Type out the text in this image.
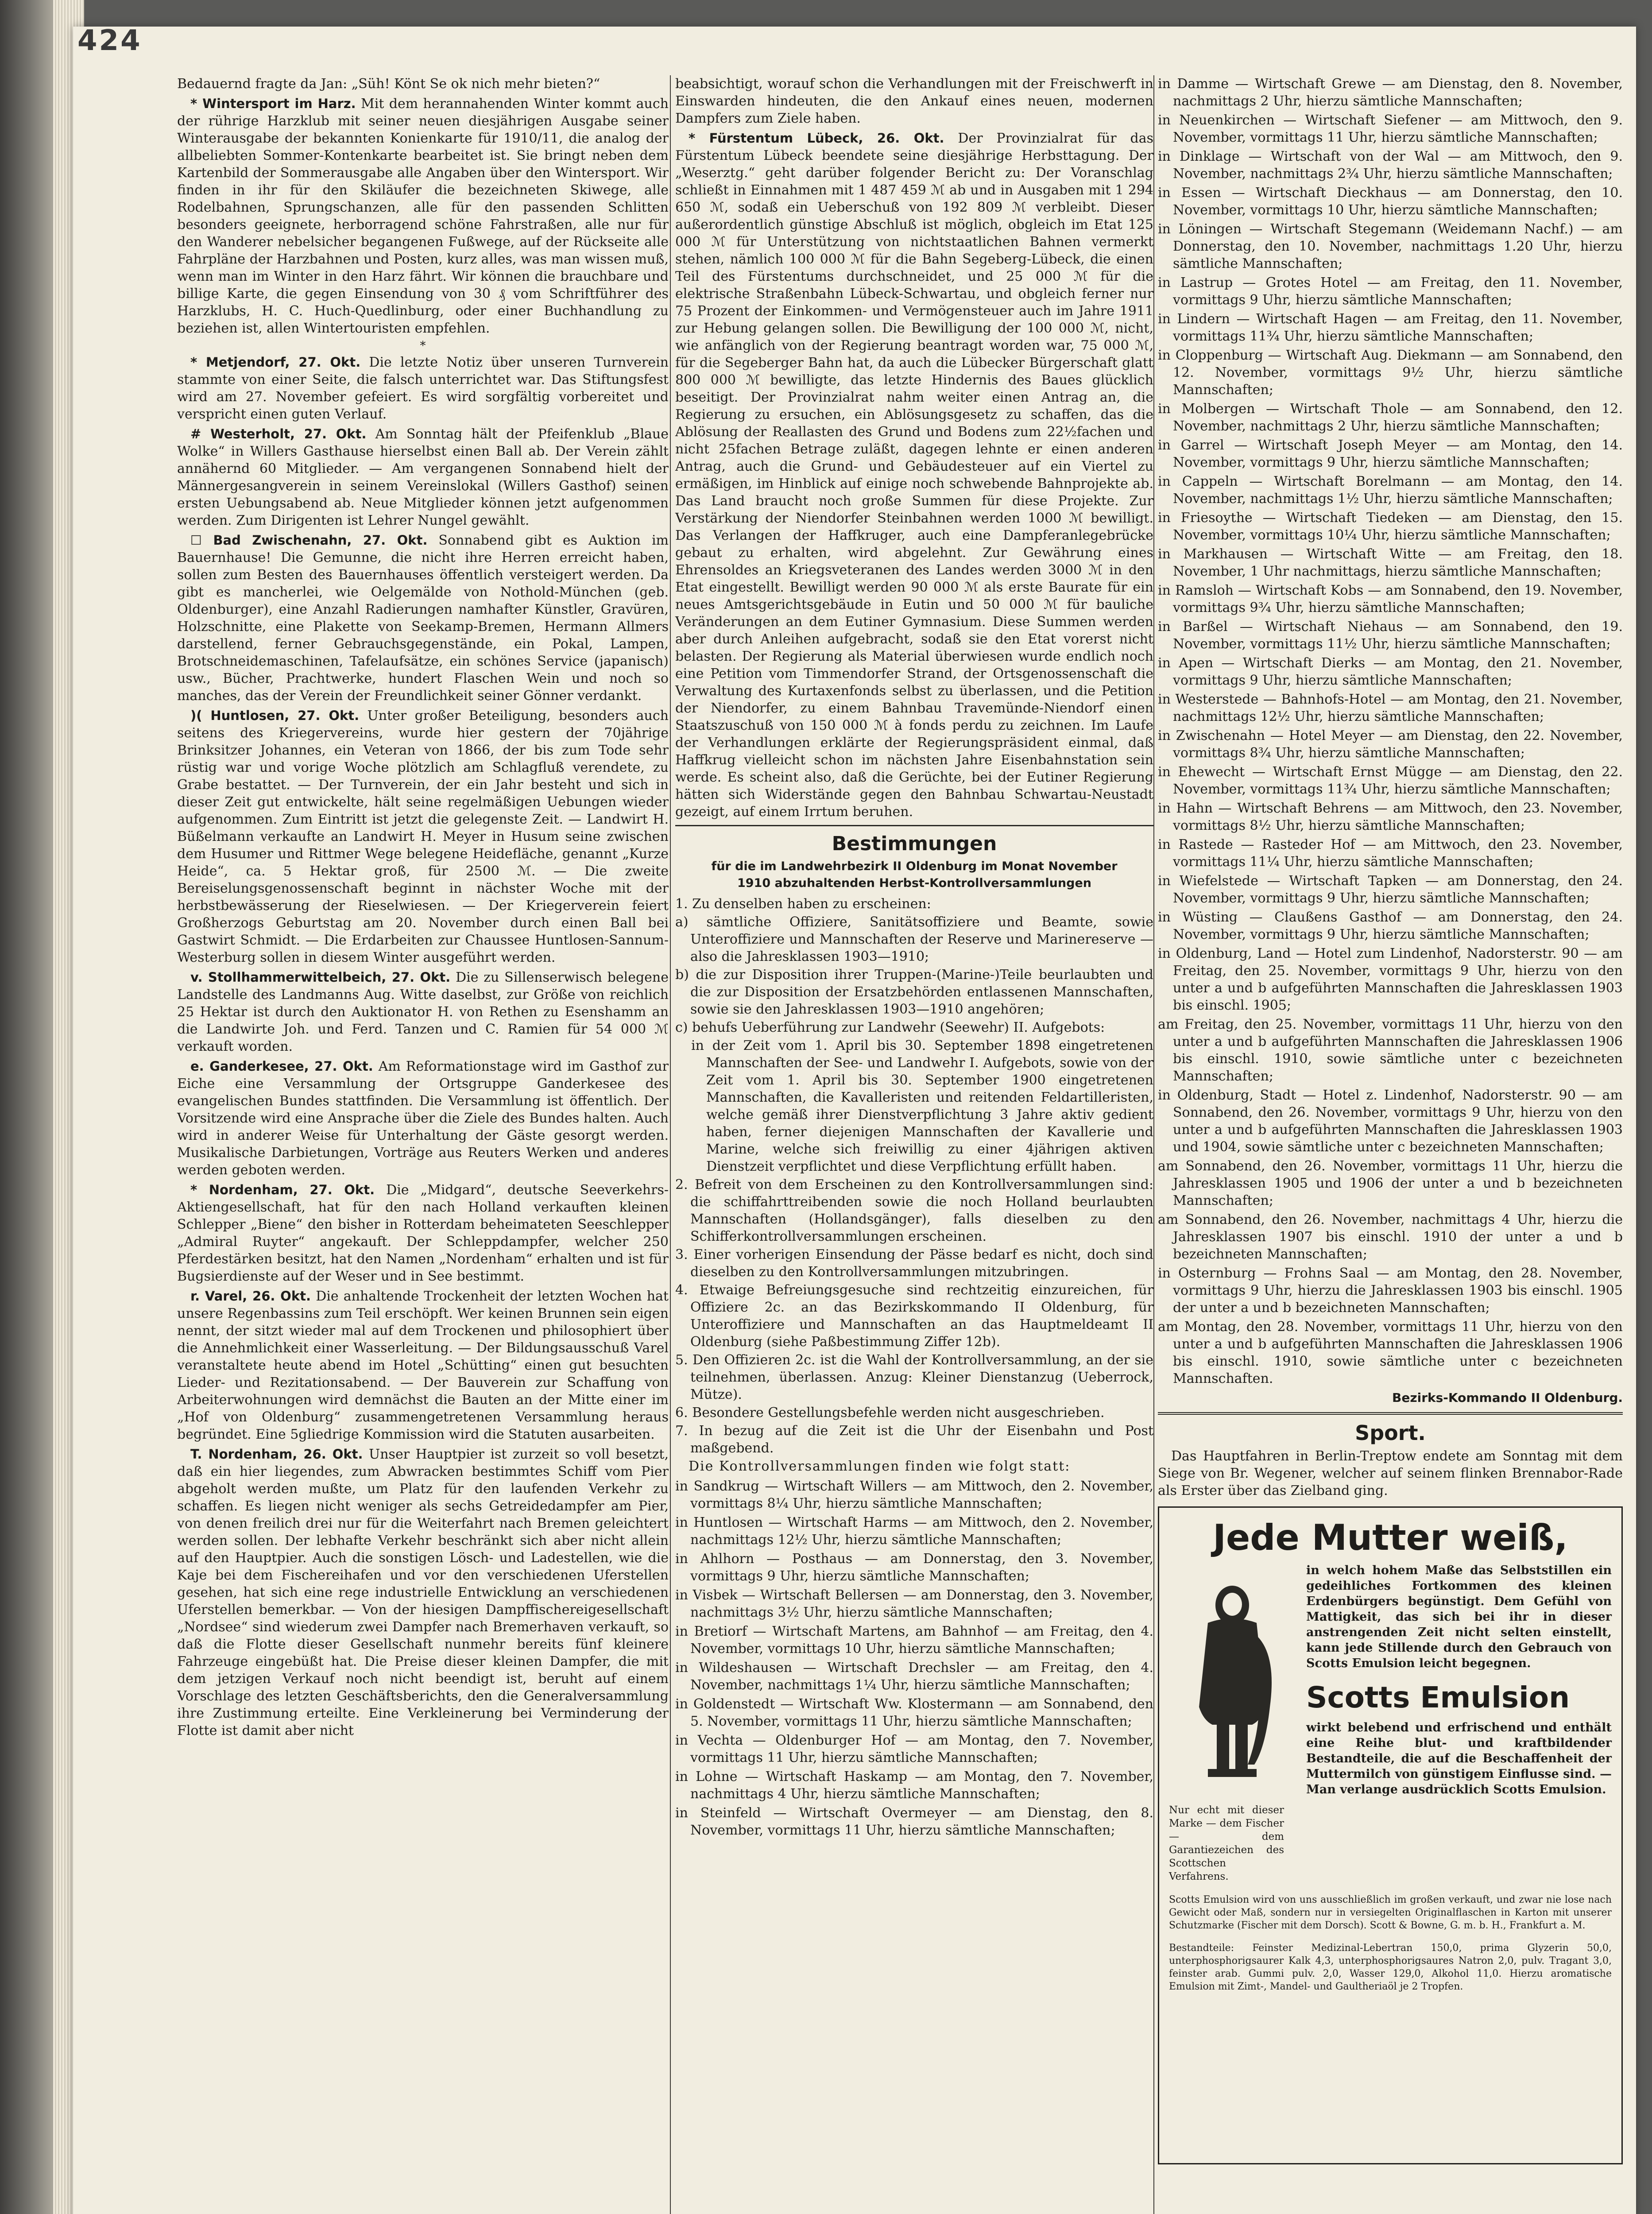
424

Bedauernd fragte da Jan: „Süh! Könt Se ok nich mehr bieten?“

* Wintersport im Harz. Mit dem herannahenden Winter kommt auch der rührige Harzklub mit seiner neuen diesjährigen Ausgabe seiner Winterausgabe der bekannten Konienkarte für 1910/11, die analog der allbeliebten Sommer-Kontenkarte bearbeitet ist. Sie bringt neben dem Kartenbild der Sommerausgabe alle Angaben über den Wintersport. Wir finden in ihr für den Skiläufer die bezeichneten Skiwege, alle Rodelbahnen, Sprungschanzen, alle für den passenden Schlitten besonders geeignete, herborragend schöne Fahrstraßen, alle nur für den Wanderer nebelsicher begangenen Fußwege, auf der Rückseite alle Fahrpläne der Harzbahnen und Posten, kurz alles, was man wissen muß, wenn man im Winter in den Harz fährt. Wir können die brauchbare und billige Karte, die gegen Einsendung von 30 ₰ vom Schriftführer des Harzklubs, H. C. Huch-Quedlinburg, oder einer Buchhandlung zu beziehen ist, allen Wintertouristen empfehlen.

*

* Metjendorf, 27. Okt. Die letzte Notiz über unseren Turnverein stammte von einer Seite, die falsch unterrichtet war. Das Stiftungsfest wird am 27. November gefeiert. Es wird sorgfältig vorbereitet und verspricht einen guten Verlauf.

# Westerholt, 27. Okt. Am Sonntag hält der Pfeifenklub „Blaue Wolke“ in Willers Gasthause hierselbst einen Ball ab. Der Verein zählt annähernd 60 Mitglieder. — Am vergangenen Sonnabend hielt der Männergesangverein in seinem Vereinslokal (Willers Gasthof) seinen ersten Uebungsabend ab. Neue Mitglieder können jetzt aufgenommen werden. Zum Dirigenten ist Lehrer Nungel gewählt.

☐ Bad Zwischenahn, 27. Okt. Sonnabend gibt es Auktion im Bauernhause! Die Gemunne, die nicht ihre Herren erreicht haben, sollen zum Besten des Bauernhauses öffentlich versteigert werden. Da gibt es mancherlei, wie Oelgemälde von Nothold-München (geb. Oldenburger), eine Anzahl Radierungen namhafter Künstler, Gravüren, Holzschnitte, eine Plakette von Seekamp-Bremen, Hermann Allmers darstellend, ferner Gebrauchsgegenstände, ein Pokal, Lampen, Brotschneidemaschinen, Tafelaufsätze, ein schönes Service (japanisch) usw., Bücher, Prachtwerke, hundert Flaschen Wein und noch so manches, das der Verein der Freundlichkeit seiner Gönner verdankt.

)( Huntlosen, 27. Okt. Unter großer Beteiligung, besonders auch seitens des Kriegervereins, wurde hier gestern der 70jährige Brinksitzer Johannes, ein Veteran von 1866, der bis zum Tode sehr rüstig war und vorige Woche plötzlich am Schlagfluß verendete, zu Grabe bestattet. — Der Turnverein, der ein Jahr besteht und sich in dieser Zeit gut entwickelte, hält seine regelmäßigen Uebungen wieder aufgenommen. Zum Eintritt ist jetzt die gelegenste Zeit. — Landwirt H. Büßelmann verkaufte an Landwirt H. Meyer in Husum seine zwischen dem Husumer und Rittmer Wege belegene Heidefläche, genannt „Kurze Heide“, ca. 5 Hektar groß, für 2500 ℳ. — Die zweite Bereiselungsgenossenschaft beginnt in nächster Woche mit der herbstbewässerung der Rieselwiesen. — Der Kriegerverein feiert Großherzogs Geburtstag am 20. November durch einen Ball bei Gastwirt Schmidt. — Die Erdarbeiten zur Chaussee Huntlosen-Sannum-Westerburg sollen in diesem Winter ausgeführt werden.

v. Stollhammerwittelbeich, 27. Okt. Die zu Sillenserwisch belegene Landstelle des Landmanns Aug. Witte daselbst, zur Größe von reichlich 25 Hektar ist durch den Auktionator H. von Rethen zu Esenshamm an die Landwirte Joh. und Ferd. Tanzen und C. Ramien für 54 000 ℳ verkauft worden.

e. Ganderkesee, 27. Okt. Am Reformationstage wird im Gasthof zur Eiche eine Versammlung der Ortsgruppe Ganderkesee des evangelischen Bundes stattfinden. Die Versammlung ist öffentlich. Der Vorsitzende wird eine Ansprache über die Ziele des Bundes halten. Auch wird in anderer Weise für Unterhaltung der Gäste gesorgt werden. Musikalische Darbietungen, Vorträge aus Reuters Werken und anderes werden geboten werden.

* Nordenham, 27. Okt. Die „Midgard“, deutsche Seeverkehrs-Aktiengesellschaft, hat für den nach Holland verkauften kleinen Schlepper „Biene“ den bisher in Rotterdam beheimateten Seeschlepper „Admiral Ruyter“ angekauft. Der Schleppdampfer, welcher 250 Pferdestärken besitzt, hat den Namen „Nordenham“ erhalten und ist für Bugsierdienste auf der Weser und in See bestimmt.

r. Varel, 26. Okt. Die anhaltende Trockenheit der letzten Wochen hat unsere Regenbassins zum Teil erschöpft. Wer keinen Brunnen sein eigen nennt, der sitzt wieder mal auf dem Trockenen und philosophiert über die Annehmlichkeit einer Wasserleitung. — Der Bildungsausschuß Varel veranstaltete heute abend im Hotel „Schütting“ einen gut besuchten Lieder- und Rezitationsabend. — Der Bauverein zur Schaffung von Arbeiterwohnungen wird demnächst die Bauten an der Mitte einer im „Hof von Oldenburg“ zusammengetretenen Versammlung heraus begründet. Eine 5gliedrige Kommission wird die Statuten ausarbeiten.

T. Nordenham, 26. Okt. Unser Hauptpier ist zurzeit so voll besetzt, daß ein hier liegendes, zum Abwracken bestimmtes Schiff vom Pier abgeholt werden mußte, um Platz für den laufenden Verkehr zu schaffen. Es liegen nicht weniger als sechs Getreidedampfer am Pier, von denen freilich drei nur für die Weiterfahrt nach Bremen geleichtert werden sollen. Der lebhafte Verkehr beschränkt sich aber nicht allein auf den Hauptpier. Auch die sonstigen Lösch- und Ladestellen, wie die Kaje bei dem Fischereihafen und vor den verschiedenen Uferstellen gesehen, hat sich eine rege industrielle Entwicklung an verschiedenen Uferstellen bemerkbar. — Von der hiesigen Dampffischereigesellschaft „Nordsee“ sind wiederum zwei Dampfer nach Bremerhaven verkauft, so daß die Flotte dieser Gesellschaft nunmehr bereits fünf kleinere Fahrzeuge eingebüßt hat. Die Preise dieser kleinen Dampfer, die mit dem jetzigen Verkauf noch nicht beendigt ist, beruht auf einem Vorschlage des letzten Geschäftsberichts, den die Generalversammlung ihre Zustimmung erteilte. Eine Verkleinerung bei Verminderung der Flotte ist damit aber nicht

beabsichtigt, worauf schon die Verhandlungen mit der Freischwerft in Einswarden hindeuten, die den Ankauf eines neuen, modernen Dampfers zum Ziele haben.

* Fürstentum Lübeck, 26. Okt. Der Provinzialrat für das Fürstentum Lübeck beendete seine diesjährige Herbsttagung. Der „Weserztg.“ geht darüber folgender Bericht zu: Der Voranschlag schließt in Einnahmen mit 1 487 459 ℳ ab und in Ausgaben mit 1 294 650 ℳ, sodaß ein Ueberschuß von 192 809 ℳ verbleibt. Dieser außerordentlich günstige Abschluß ist möglich, obgleich im Etat 125 000 ℳ für Unterstützung von nichtstaatlichen Bahnen vermerkt stehen, nämlich 100 000 ℳ für die Bahn Segeberg-Lübeck, die einen Teil des Fürstentums durchschneidet, und 25 000 ℳ für die elektrische Straßenbahn Lübeck-Schwartau, und obgleich ferner nur 75 Prozent der Einkommen- und Vermögensteuer auch im Jahre 1911 zur Hebung gelangen sollen. Die Bewilligung der 100 000 ℳ, nicht, wie anfänglich von der Regierung beantragt worden war, 75 000 ℳ, für die Segeberger Bahn hat, da auch die Lübecker Bürgerschaft glatt 800 000 ℳ bewilligte, das letzte Hindernis des Baues glücklich beseitigt. Der Provinzialrat nahm weiter einen Antrag an, die Regierung zu ersuchen, ein Ablösungsgesetz zu schaffen, das die Ablösung der Reallasten des Grund und Bodens zum 22½fachen und nicht 25fachen Betrage zuläßt, dagegen lehnte er einen anderen Antrag, auch die Grund- und Gebäudesteuer auf ein Viertel zu ermäßigen, im Hinblick auf einige noch schwebende Bahnprojekte ab. Das Land braucht noch große Summen für diese Projekte. Zur Verstärkung der Niendorfer Steinbahnen werden 1000 ℳ bewilligt. Das Verlangen der Haffkruger, auch eine Dampferanlegebrücke gebaut zu erhalten, wird abgelehnt. Zur Gewährung eines Ehrensoldes an Kriegsveteranen des Landes werden 3000 ℳ in den Etat eingestellt. Bewilligt werden 90 000 ℳ als erste Baurate für ein neues Amtsgerichtsgebäude in Eutin und 50 000 ℳ für bauliche Veränderungen an dem Eutiner Gymnasium. Diese Summen werden aber durch Anleihen aufgebracht, sodaß sie den Etat vorerst nicht belasten. Der Regierung als Material überwiesen wurde endlich noch eine Petition vom Timmendorfer Strand, der Ortsgenossenschaft die Verwaltung des Kurtaxenfonds selbst zu überlassen, und die Petition der Niendorfer, zu einem Bahnbau Travemünde-Niendorf einen Staatszuschuß von 150 000 ℳ à fonds perdu zu zeichnen. Im Laufe der Verhandlungen erklärte der Regierungspräsident einmal, daß Haffkrug vielleicht schon im nächsten Jahre Eisenbahnstation sein werde. Es scheint also, daß die Gerüchte, bei der Eutiner Regierung hätten sich Widerstände gegen den Bahnbau Schwartau-Neustadt gezeigt, auf einem Irrtum beruhen.

Bestimmungen
für die im Landwehrbezirk II Oldenburg im Monat November
1910 abzuhaltenden Herbst-Kontrollversammlungen

1. Zu denselben haben zu erscheinen:

a) sämtliche Offiziere, Sanitätsoffiziere und Beamte, sowie Unteroffiziere und Mannschaften der Reserve und Marinereserve — also die Jahresklassen 1903—1910;

b) die zur Disposition ihrer Truppen-(Marine-)Teile beurlaubten und die zur Disposition der Ersatzbehörden entlassenen Mannschaften, sowie sie den Jahresklassen 1903—1910 angehören;

c) behufs Ueberführung zur Landwehr (Seewehr) II. Aufgebots:

in der Zeit vom 1. April bis 30. September 1898 eingetretenen Mannschaften der See- und Landwehr I. Aufgebots, sowie von der Zeit vom 1. April bis 30. September 1900 eingetretenen Mannschaften, die Kavalleristen und reitenden Feldartilleristen, welche gemäß ihrer Dienstverpflichtung 3 Jahre aktiv gedient haben, ferner diejenigen Mannschaften der Kavallerie und Marine, welche sich freiwillig zu einer 4jährigen aktiven Dienstzeit verpflichtet und diese Verpflichtung erfüllt haben.

2. Befreit von dem Erscheinen zu den Kontrollversammlungen sind: die schiffahrttreibenden sowie die noch Holland beurlaubten Mannschaften (Hollandsgänger), falls dieselben zu den Schifferkontrollversammlungen erscheinen.

3. Einer vorherigen Einsendung der Pässe bedarf es nicht, doch sind dieselben zu den Kontrollversammlungen mitzubringen.

4. Etwaige Befreiungsgesuche sind rechtzeitig einzureichen, für Offiziere 2c. an das Bezirkskommando II Oldenburg, für Unteroffiziere und Mannschaften an das Hauptmeldeamt II Oldenburg (siehe Paßbestimmung Ziffer 12b).

5. Den Offizieren 2c. ist die Wahl der Kontrollversammlung, an der sie teilnehmen, überlassen. Anzug: Kleiner Dienstanzug (Ueberrock, Mütze).

6. Besondere Gestellungsbefehle werden nicht ausgeschrieben.

7. In bezug auf die Zeit ist die Uhr der Eisenbahn und Post maßgebend.

Die Kontrollversammlungen finden wie folgt statt:

in Sandkrug — Wirtschaft Willers — am Mittwoch, den 2. November, vormittags 8¼ Uhr, hierzu sämtliche Mannschaften;

in Huntlosen — Wirtschaft Harms — am Mittwoch, den 2. November, nachmittags 12½ Uhr, hierzu sämtliche Mannschaften;

in Ahlhorn — Posthaus — am Donnerstag, den 3. November, vormittags 9 Uhr, hierzu sämtliche Mannschaften;

in Visbek — Wirtschaft Bellersen — am Donnerstag, den 3. November, nachmittags 3½ Uhr, hierzu sämtliche Mannschaften;

in Bretiorf — Wirtschaft Martens, am Bahnhof — am Freitag, den 4. November, vormittags 10 Uhr, hierzu sämtliche Mannschaften;

in Wildeshausen — Wirtschaft Drechsler — am Freitag, den 4. November, nachmittags 1¼ Uhr, hierzu sämtliche Mannschaften;

in Goldenstedt — Wirtschaft Ww. Klostermann — am Sonnabend, den 5. November, vormittags 11 Uhr, hierzu sämtliche Mannschaften;

in Vechta — Oldenburger Hof — am Montag, den 7. November, vormittags 11 Uhr, hierzu sämtliche Mannschaften;

in Lohne — Wirtschaft Haskamp — am Montag, den 7. November, nachmittags 4 Uhr, hierzu sämtliche Mannschaften;

in Steinfeld — Wirtschaft Overmeyer — am Dienstag, den 8. November, vormittags 11 Uhr, hierzu sämtliche Mannschaften;

in Damme — Wirtschaft Grewe — am Dienstag, den 8. November, nachmittags 2 Uhr, hierzu sämtliche Mannschaften;

in Neuenkirchen — Wirtschaft Siefener — am Mittwoch, den 9. November, vormittags 11 Uhr, hierzu sämtliche Mannschaften;

in Dinklage — Wirtschaft von der Wal — am Mittwoch, den 9. November, nachmittags 2¾ Uhr, hierzu sämtliche Mannschaften;

in Essen — Wirtschaft Dieckhaus — am Donnerstag, den 10. November, vormittags 10 Uhr, hierzu sämtliche Mannschaften;

in Löningen — Wirtschaft Stegemann (Weidemann Nachf.) — am Donnerstag, den 10. November, nachmittags 1.20 Uhr, hierzu sämtliche Mannschaften;

in Lastrup — Grotes Hotel — am Freitag, den 11. November, vormittags 9 Uhr, hierzu sämtliche Mannschaften;

in Lindern — Wirtschaft Hagen — am Freitag, den 11. November, vormittags 11¾ Uhr, hierzu sämtliche Mannschaften;

in Cloppenburg — Wirtschaft Aug. Diekmann — am Sonnabend, den 12. November, vormittags 9½ Uhr, hierzu sämtliche Mannschaften;

in Molbergen — Wirtschaft Thole — am Sonnabend, den 12. November, nachmittags 2 Uhr, hierzu sämtliche Mannschaften;

in Garrel — Wirtschaft Joseph Meyer — am Montag, den 14. November, vormittags 9 Uhr, hierzu sämtliche Mannschaften;

in Cappeln — Wirtschaft Borelmann — am Montag, den 14. November, nachmittags 1½ Uhr, hierzu sämtliche Mannschaften;

in Friesoythe — Wirtschaft Tiedeken — am Dienstag, den 15. November, vormittags 10¼ Uhr, hierzu sämtliche Mannschaften;

in Markhausen — Wirtschaft Witte — am Freitag, den 18. November, 1 Uhr nachmittags, hierzu sämtliche Mannschaften;

in Ramsloh — Wirtschaft Kobs — am Sonnabend, den 19. November, vormittags 9¾ Uhr, hierzu sämtliche Mannschaften;

in Barßel — Wirtschaft Niehaus — am Sonnabend, den 19. November, vormittags 11½ Uhr, hierzu sämtliche Mannschaften;

in Apen — Wirtschaft Dierks — am Montag, den 21. November, vormittags 9 Uhr, hierzu sämtliche Mannschaften;

in Westerstede — Bahnhofs-Hotel — am Montag, den 21. November, nachmittags 12½ Uhr, hierzu sämtliche Mannschaften;

in Zwischenahn — Hotel Meyer — am Dienstag, den 22. November, vormittags 8¾ Uhr, hierzu sämtliche Mannschaften;

in Ehewecht — Wirtschaft Ernst Mügge — am Dienstag, den 22. November, vormittags 11¾ Uhr, hierzu sämtliche Mannschaften;

in Hahn — Wirtschaft Behrens — am Mittwoch, den 23. November, vormittags 8½ Uhr, hierzu sämtliche Mannschaften;

in Rastede — Rasteder Hof — am Mittwoch, den 23. November, vormittags 11¼ Uhr, hierzu sämtliche Mannschaften;

in Wiefelstede — Wirtschaft Tapken — am Donnerstag, den 24. November, vormittags 9 Uhr, hierzu sämtliche Mannschaften;

in Wüsting — Claußens Gasthof — am Donnerstag, den 24. November, vormittags 9 Uhr, hierzu sämtliche Mannschaften;

in Oldenburg, Land — Hotel zum Lindenhof, Nadorsterstr. 90 — am Freitag, den 25. November, vormittags 9 Uhr, hierzu von den unter a und b aufgeführten Mannschaften die Jahresklassen 1903 bis einschl. 1905;

am Freitag, den 25. November, vormittags 11 Uhr, hierzu von den unter a und b aufgeführten Mannschaften die Jahresklassen 1906 bis einschl. 1910, sowie sämtliche unter c bezeichneten Mannschaften;

in Oldenburg, Stadt — Hotel z. Lindenhof, Nadorsterstr. 90 — am Sonnabend, den 26. November, vormittags 9 Uhr, hierzu von den unter a und b aufgeführten Mannschaften die Jahresklassen 1903 und 1904, sowie sämtliche unter c bezeichneten Mannschaften;

am Sonnabend, den 26. November, vormittags 11 Uhr, hierzu die Jahresklassen 1905 und 1906 der unter a und b bezeichneten Mannschaften;

am Sonnabend, den 26. November, nachmittags 4 Uhr, hierzu die Jahresklassen 1907 bis einschl. 1910 der unter a und b bezeichneten Mannschaften;

in Osternburg — Frohns Saal — am Montag, den 28. November, vormittags 9 Uhr, hierzu die Jahresklassen 1903 bis einschl. 1905 der unter a und b bezeichneten Mannschaften;

am Montag, den 28. November, vormittags 11 Uhr, hierzu von den unter a und b aufgeführten Mannschaften die Jahresklassen 1906 bis einschl. 1910, sowie sämtliche unter c bezeichneten Mannschaften.

Bezirks-Kommando II Oldenburg.
Sport.

Das Hauptfahren in Berlin-Treptow endete am Sonntag mit dem Siege von Br. Wegener, welcher auf seinem flinken Brennabor-Rade als Erster über das Zielband ging.

Jede Mutter weiß,

in welch hohem Maße das Selbststillen ein gedeihliches Fortkommen des kleinen Erdenbürgers begünstigt. Dem Gefühl von Mattigkeit, das sich bei ihr in dieser anstrengenden Zeit nicht selten einstellt, kann jede Stillende durch den Gebrauch von Scotts Emulsion leicht begegnen.

Scotts Emulsion

wirkt belebend und erfrischend und enthält eine Reihe blut- und kraftbildender Bestandteile, die auf die Beschaffenheit der Muttermilch von günstigem Einflusse sind. — Man verlange ausdrücklich Scotts Emulsion.

Nur echt mit dieser Marke — dem Fischer — dem Garantiezeichen des Scottschen Verfahrens.

Scotts Emulsion wird von uns ausschließlich im großen verkauft, und zwar nie lose nach Gewicht oder Maß, sondern nur in versiegelten Originalflaschen in Karton mit unserer Schutzmarke (Fischer mit dem Dorsch). Scott & Bowne, G. m. b. H., Frankfurt a. M.

Bestandteile: Feinster Medizinal-Lebertran 150,0, prima Glyzerin 50,0, unterphosphorigsaurer Kalk 4,3, unterphosphorigsaures Natron 2,0, pulv. Tragant 3,0, feinster arab. Gummi pulv. 2,0, Wasser 129,0, Alkohol 11,0. Hierzu aromatische Emulsion mit Zimt-, Mandel- und Gaultheriaöl je 2 Tropfen.
